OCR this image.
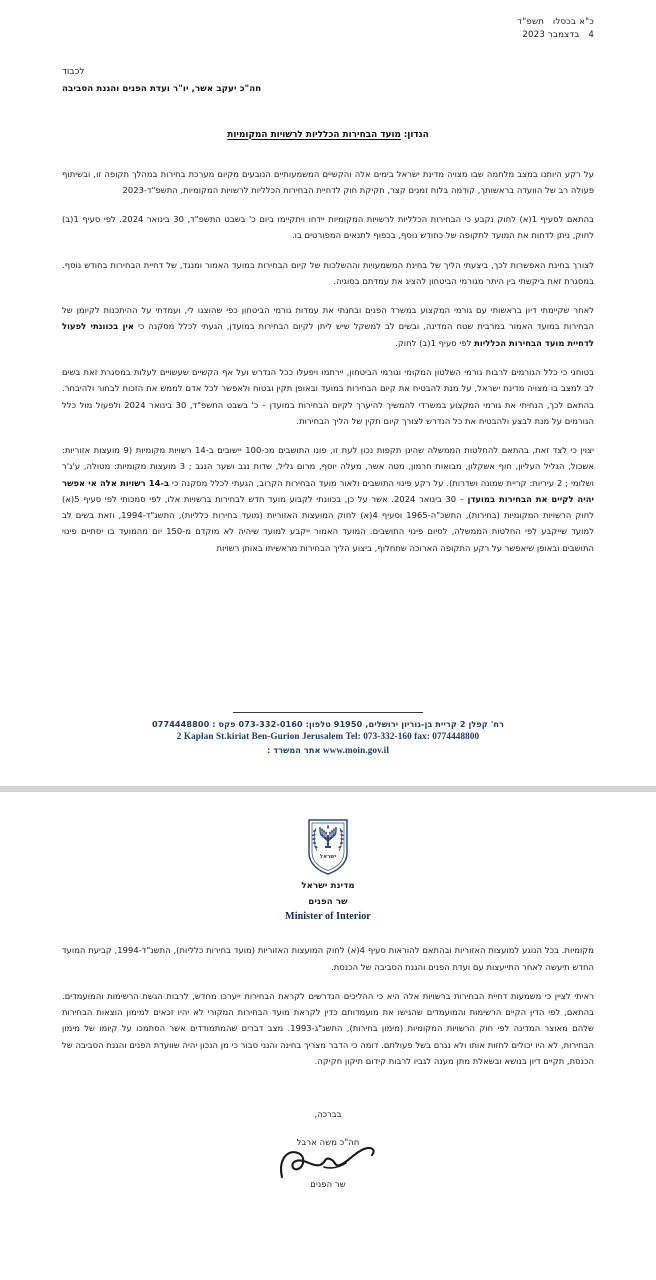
כ"א בכסלו   תשפ"ד
4   בדצמבר 2023
לכבוד
חה"כ יעקב אשר, יו"ר ועדת הפנים והגנת הסביבה
הנדון: מועד הבחירות הכלליות לרשויות המקומיות

על רקע היותנו במצב מלחמה שבו מצויה מדינת ישראל בימים אלה והקשיים המשמעותיים הנובעים מקיום מערכת בחירות במהלך תקופה זו, ובשיתוף פעולה רב של הוועדה בראשותך, קודמה בלוח זמנים קצר, חקיקת חוק לדחיית הבחירות הכלליות לרשויות המקומיות, התשפ"ד-2023

בהתאם לסעיף 1(א) לחוק נקבע כי הבחירות הכלליות לרשויות המקומיות יידחו ויתקיימו ביום כ' בשבט התשפ"ד, 30 בינואר 2024. לפי סעיף 1(ב) לחוק, ניתן לדחות את המועד לתקופה של כחודש נוסף, בכפוף לתנאים המפורטים בו.

לצורך בחינת האפשרות לכך, ביצעתי הליך של בחינת המשמעויות וההשלכות של קיום הבחירות במועד האמור ומנגד, של דחיית הבחירות בחודש נוסף. במסגרת זאת ביקשתי בין היתר מגורמי הביטחון להציג את עמדתם בסוגיה.

לאחר שקיימתי דיון בראשותי עם גורמי המקצוע במשרד הפנים ובחנתי את עמדות גורמי הביטחון כפי שהוצגו לי, ועמדתי על ההיתכנות לקיומן של הבחירות במועד האמור במרבית שטח המדינה, ובשים לב למשקל שיש ליתן לקיום הבחירות במועדן, הגעתי לכלל מסקנה כי אין בכוונתי לפעול לדחיית מועד הבחירות הכלליות לפי סעיף 1(ב) לחוק.

בטוחני כי כלל הגורמים לרבות גורמי השלטון המקומי וגורמי הביטחון, יירתמו ויפעלו ככל הנדרש ועל אף הקשיים שעשויים לעלות במסגרת זאת בשים לב למצב בו מצויה מדינת ישראל, על מנת להבטיח את קיום הבחירות במועד ובאופן תקין ובטוח ולאפשר לכל אדם לממש את הזכות לבחור ולהיבחר. בהתאם לכך, הנחיתי את גורמי המקצוע במשרדי להמשיך להיערך לקיום הבחירות במועדן – כ' בשבט התשפ"ד, 30 בינואר 2024 ולפעול מול כלל הגורמים על מנת לבצע ולהבטיח את כל הנדרש לצורך קיום תקין של הליך הבחירות.

יצוין כי לצד זאת, בהתאם להחלטות הממשלה שהינן תקפות נכון לעת זו, פונו התושבים מכ-100 יישובים ב-14 רשויות מקומיות (9 מועצות אזוריות: אשכול, הגליל העליון, חוף אשקלון, מבואות חרמון, מטה אשר, מעלה יוסף, מרום גליל, שדות נגב ושער הנגב ; 3 מועצות מקומיות: מטולה, ע'ג'ר ושלומי ; 2 עיריות: קריית שמונה ושדרות). על רקע פינוי התושבים ולאור מועד הבחירות הקרוב, הגעתי לכלל מסקנה כי ב-14 רשויות אלה אי אפשר יהיה לקיים את הבחירות במועדן – 30 בינואר 2024. אשר על כן, בכוונתי לקבוע מועד חדש לבחירות ברשויות אלו, לפי סמכותי לפי סעיף 5(א) לחוק הרשויות המקומיות (בחירות), התשכ"ה-1965 וסעיף 4(א) לחוק המועצות האזוריות (מועד בחירות כלליות), התשנ"ד-1994, וזאת בשים לב למועד שייקבע לפי החלטות הממשלה, לסיום פינוי התושבים. המועד האמור ייקבע למועד שיהיה לא מוקדם מ-150 יום מהמועד בו יסתיים פינוי התושבים ובאופן שיאפשר על רקע התקופה הארוכה שתחלוף, ביצוע הליך הבחירות מראשיתו באותן רשויות

רח' קפלן 2 קריית בן-גוריון ירושלים, 91950 טלפון: 073-332-0160 פקס : 0774448800
2 Kaplan St.kiriat Ben-Gurion Jerusalem Tel: 073-332-160 fax: 0774448800
www.moin.gov.il אתר המשרד :
ישראל
מדינת ישראל
שר הפנים
Minister of Interior

מקומיות. בכל הנוגע למועצות האזוריות ובהתאם להוראות סעיף 4(א) לחוק המועצות האזוריות (מועד בחירות כלליות), התשנ"ד-1994, קביעת המועד החדש תיעשה לאחר התייעצות עם ועדת הפנים והגנת הסביבה של הכנסת.

ראיתי לציין כי משמעות דחיית הבחירות ברשויות אלה היא כי ההליכים הנדרשים לקראת הבחירות ייערכו מחדש, לרבות הגשת הרשימות והמועמדים. בהתאם, לפי הדין הקיים הרשימות והמועמדים שהגישו את מועמדותם כדין לקראת מועד הבחירות המקורי לא יהיו זכאים למימון הוצאות הבחירות שלהם מאוצר המדינה לפי חוק הרשויות המקומיות (מימון בחירות), התשנ"ג-1993. מצב דברים שהמתמודדים אשר הסתמכו על קיומו של מימון הבחירות, לא היו יכולים לחזות אותו ולא נגרם בשל פעולתם. דומה כי הדבר מצריך בחינה והנני סבור כי מן הנכון יהיה שוועדת הפנים והגנת הסביבה של הכנסת, תקיים דיון בנושא ובשאלת מתן מענה לגביו לרבות קידום תיקון חקיקה.

בברכה,
חה"כ משה ארבל
שר הפנים
